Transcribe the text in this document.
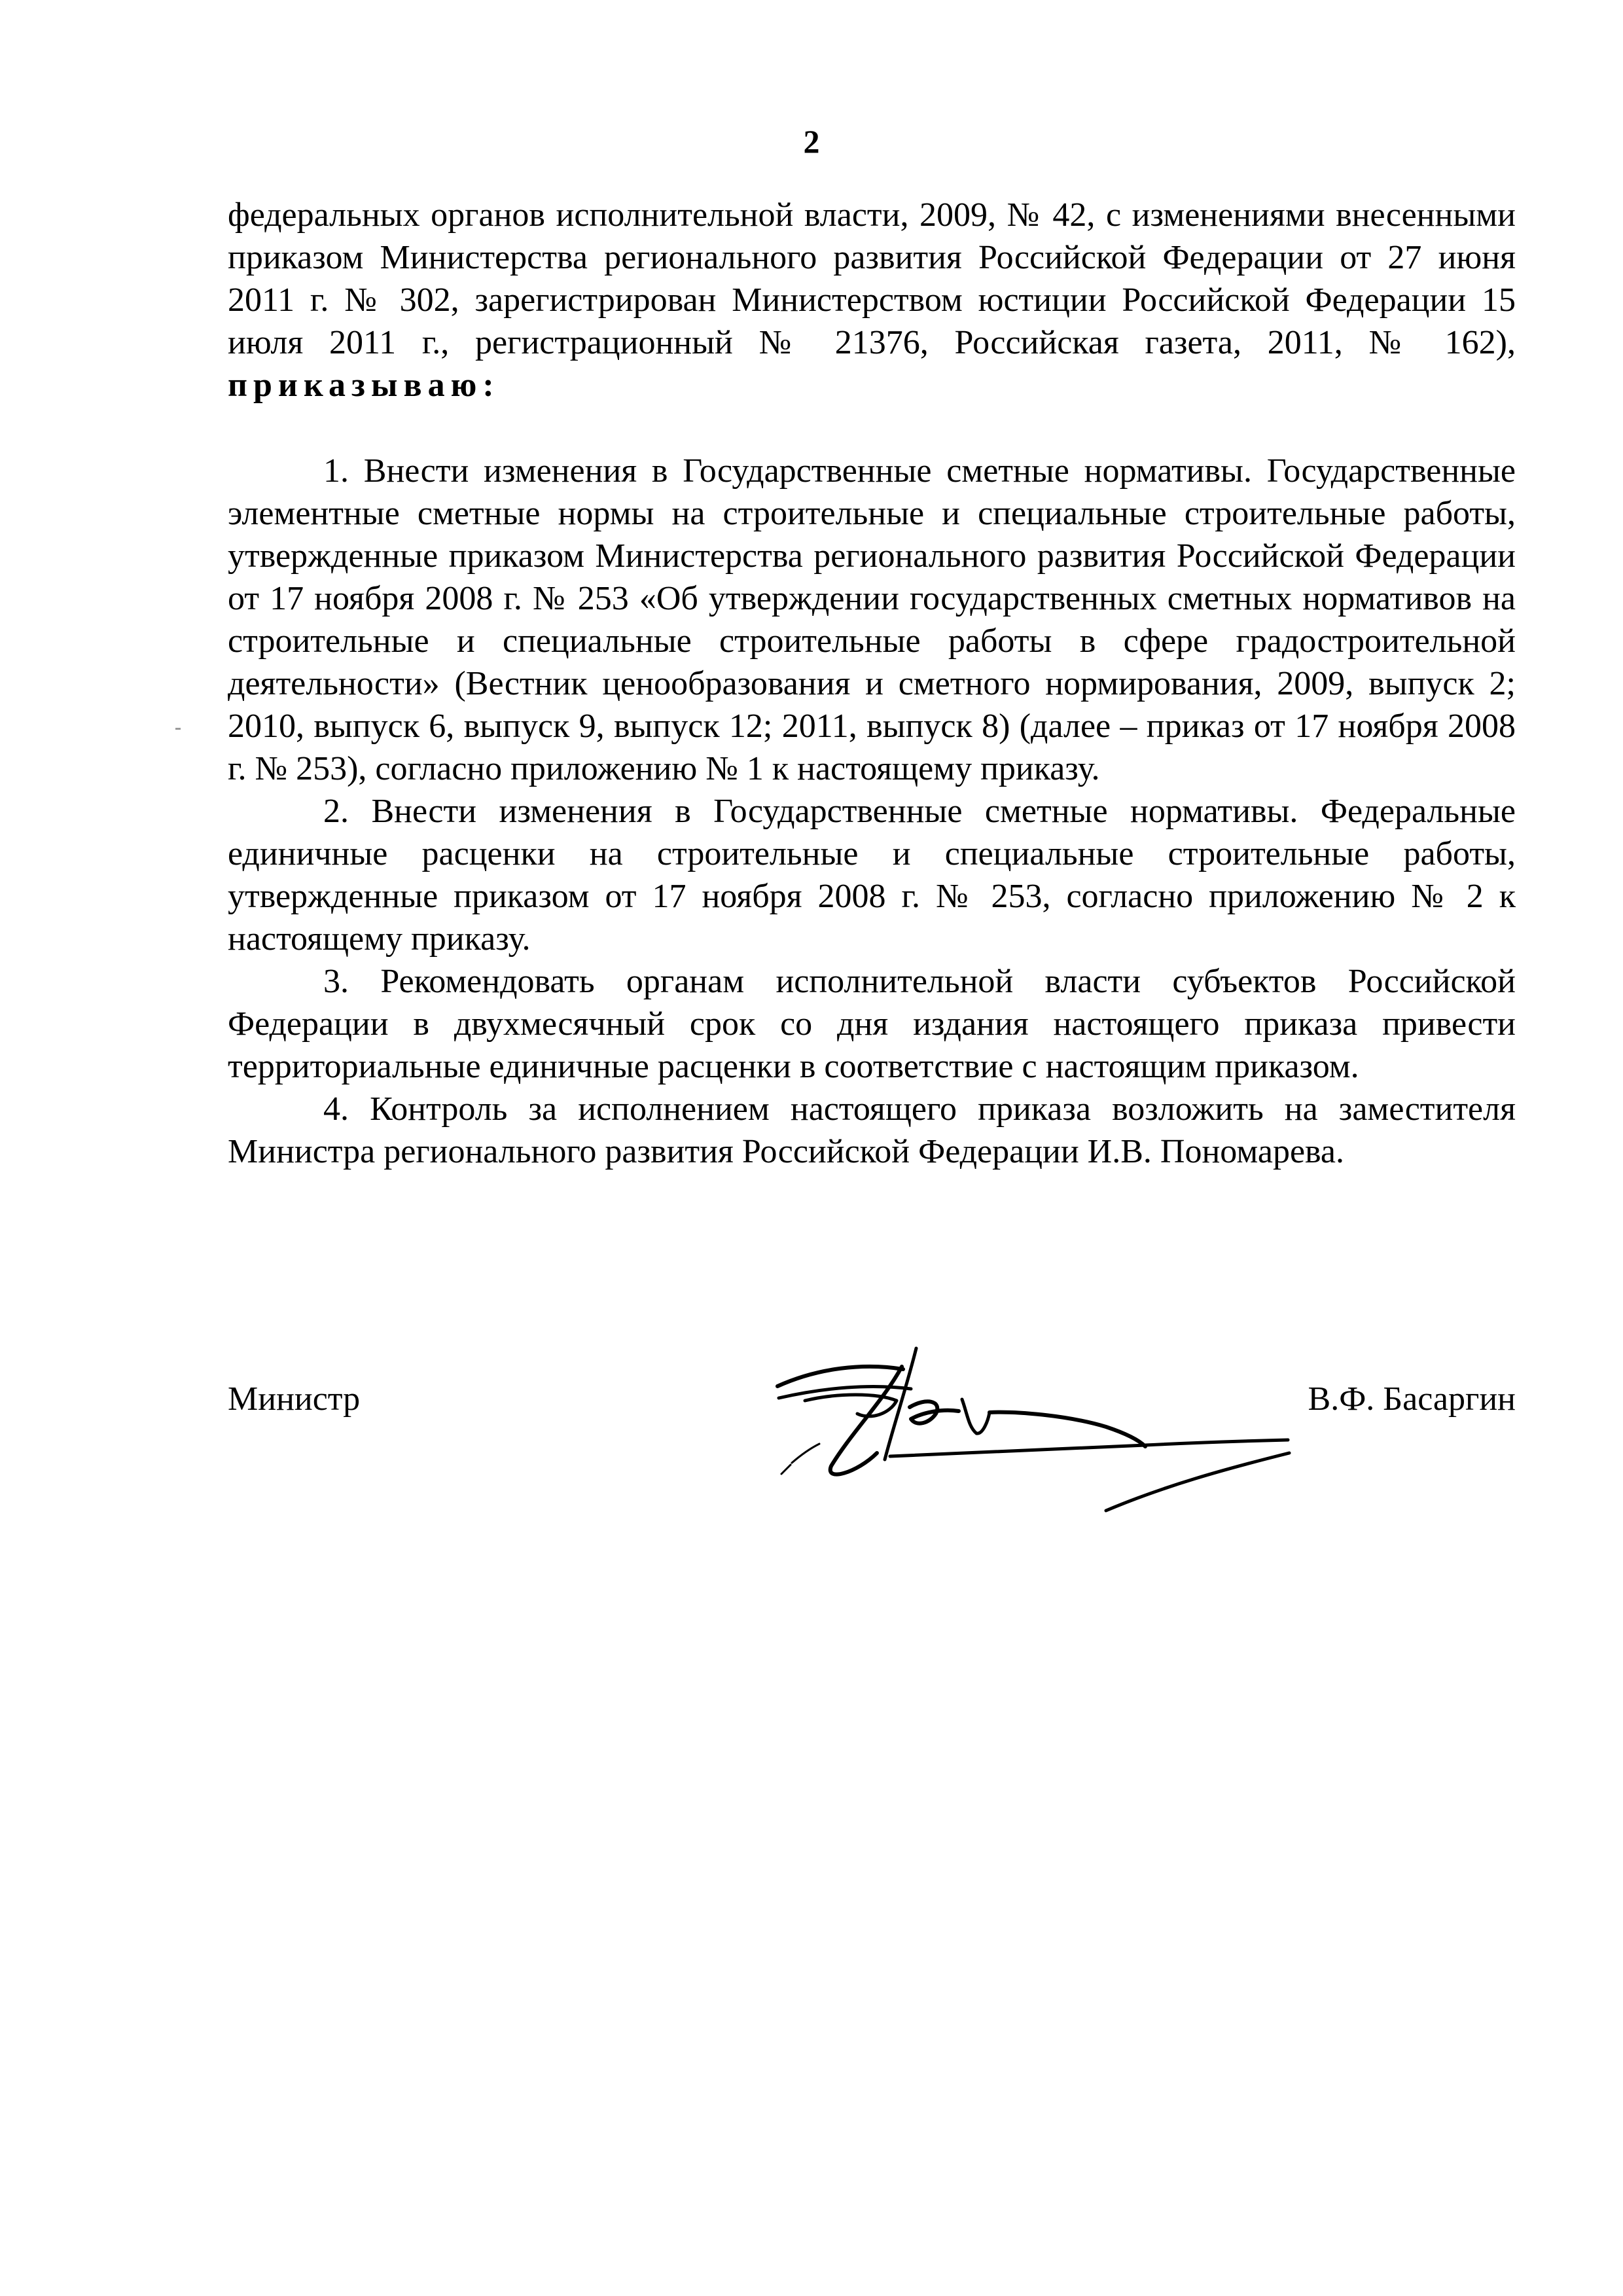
2

федеральных органов исполнительной власти, 2009, № 42, с изменениями внесенными приказом Министерства регионального развития Российской Федерации от 27 июня 2011 г. № 302, зарегистрирован Министерством юстиции Российской Федерации 15 июля 2011 г., регистрационный № 21376, Российская газета, 2011, № 162), приказываю:

1. Внести изменения в Государственные сметные нормативы. Государственные элементные сметные нормы на строительные и специальные строительные работы, утвержденные приказом Министерства регионального развития Российской Федерации от 17 ноября 2008 г. № 253 «Об утверждении государственных сметных нормативов на строительные и специальные строительные работы в сфере градостроительной деятельности» (Вестник ценообразования и сметного нормирования, 2009, выпуск 2; 2010, выпуск 6, выпуск 9, выпуск 12; 2011, выпуск 8) (далее – приказ от 17 ноября 2008 г. № 253), согласно приложению № 1 к настоящему приказу.

2. Внести изменения в Государственные сметные нормативы. Федеральные единичные расценки на строительные и специальные строительные работы, утвержденные приказом от 17 ноября 2008 г. № 253, согласно приложению № 2 к настоящему приказу.

3. Рекомендовать органам исполнительной власти субъектов Российской Федерации в двухмесячный срок со дня издания настоящего приказа привести территориальные единичные расценки в соответствие с настоящим приказом.

4. Контроль за исполнением настоящего приказа возложить на заместителя Министра регионального развития Российской Федерации И.В. Пономарева.

Министр	В.Ф. Басаргин
